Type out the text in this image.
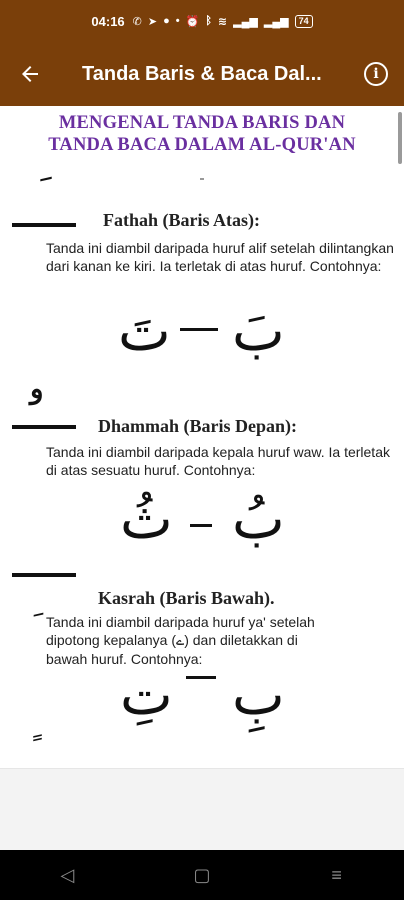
04:16 ✆ ➤ ● • ⏰ ᛒ ≋ ▂▄▆ ▂▄▆	74
Tanda Baris & Baca Dal...	i
MENGENAL TANDA BARIS DAN
TANDA BACA DALAM AL-QUR'AN
Fathah (Baris Atas):
Tanda ini diambil daripada huruf alif setelah dilintangkan dari kanan ke kiri. Ia terletak di atas huruf. Contohnya:
تَ بَ
و
Dhammah (Baris Depan):
Tanda ini diambil daripada kepala huruf waw. Ia terletak di atas sesuatu huruf. Contohnya:
ثُ بُ
Kasrah (Baris Bawah).
Tanda ini diambil daripada huruf ya' setelah
dipotong kepalanya (ے) dan diletakkan di
bawah huruf. Contohnya:
تِ بِ
◁	▢	≡
